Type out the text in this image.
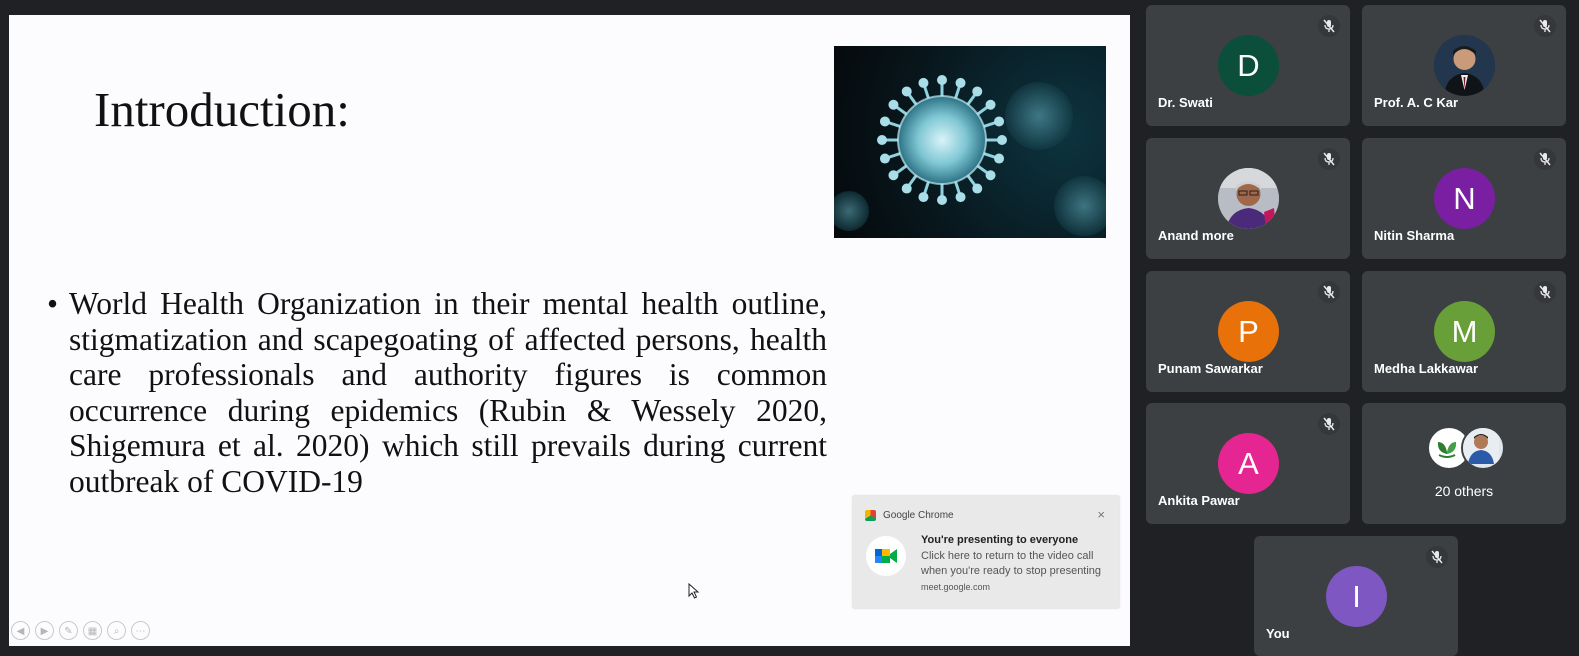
Introduction:
• World Health Organization in their mental health outline, stigmatization and scapegoating of affected persons, health care professionals and authority figures is common occurrence during epidemics (Rubin & Wessely 2020, Shigemura et al. 2020) which still prevails during current outbreak of COVID-19
◀	▶	✎	▦	⌕	⋯
Google Chrome	×
You're presenting to everyone
Click here to return to the video call when you're ready to stop presenting
meet.google.com
D
Dr. Swati	Prof. A. C Kar
Anand more
N
Nitin Sharma
P
Punam Sawarkar
M
Medha Lakkawar
A
Ankita Pawar
20 others
I
You
